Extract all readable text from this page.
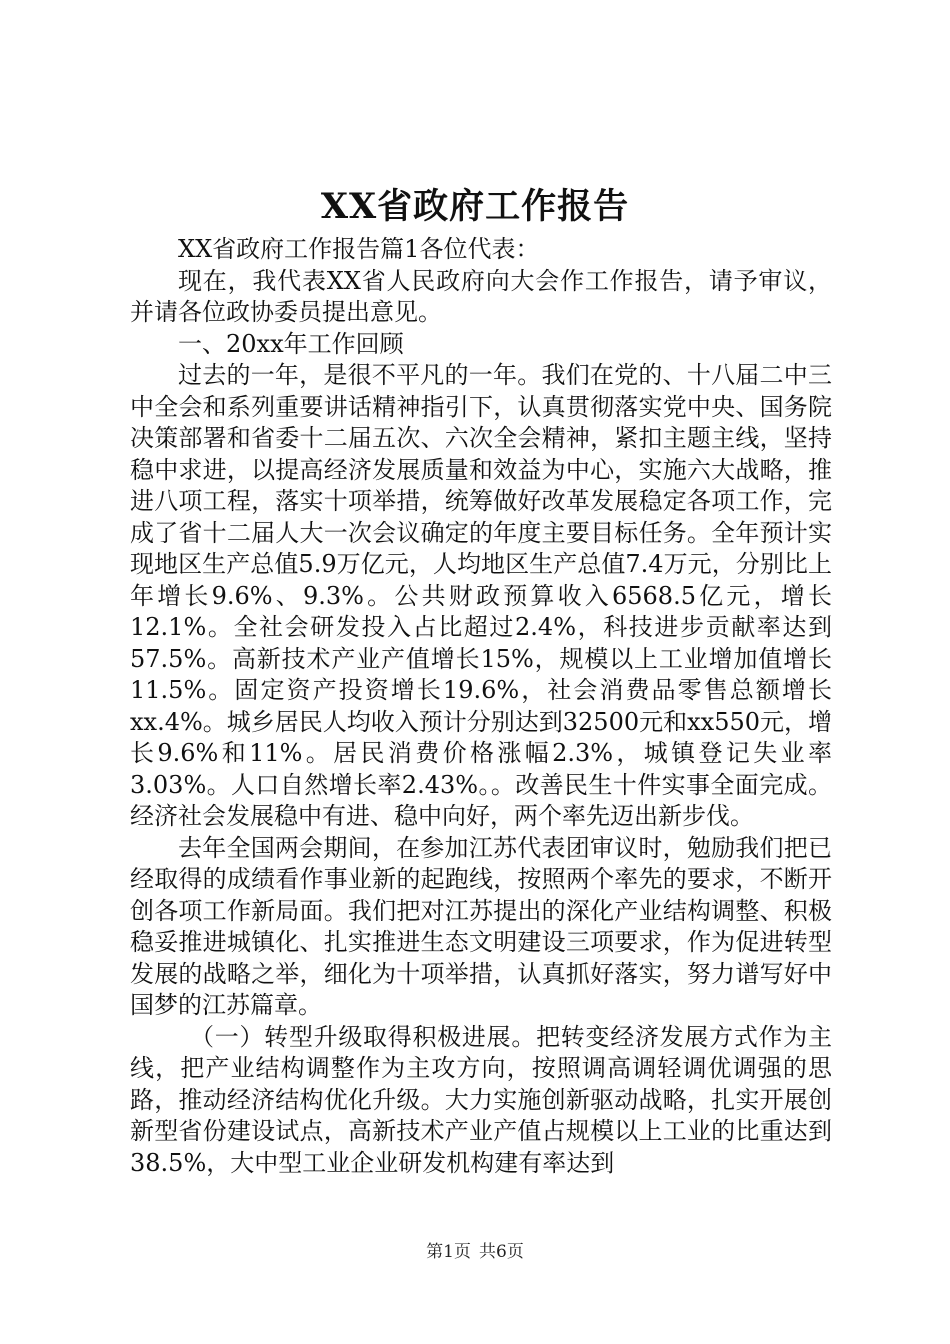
XX省政府工作报告

XX省政府工作报告篇1各位代表：

现在，我代表XX省人民政府向大会作工作报告，请予审议，并请各位政协委员提出意见。

一、20xx年工作回顾

过去的一年，是很不平凡的一年。我们在党的、十八届二中三中全会和系列重要讲话精神指引下，认真贯彻落实党中央、国务院决策部署和省委十二届五次、六次全会精神，紧扣主题主线，坚持稳中求进，以提高经济发展质量和效益为中心，实施六大战略，推进八项工程，落实十项举措，统筹做好改革发展稳定各项工作，完成了省十二届人大一次会议确定的年度主要目标任务。全年预计实现地区生产总值5.9万亿元，人均地区生产总值7.4万元，分别比上年增长9.6%、9.3%。公共财政预算收入6568.5亿元，增长12.1%。全社会研发投入占比超过2.4%，科技进步贡献率达到57.5%。高新技术产业产值增长15%，规模以上工业增加值增长11.5%。固定资产投资增长19.6%，社会消费品零售总额增长xx.4%。城乡居民人均收入预计分别达到32500元和xx550元，增长9.6%和11%。居民消费价格涨幅2.3%，城镇登记失业率3.03%。人口自然增长率2.43%。。改善民生十件实事全面完成。经济社会发展稳中有进、稳中向好，两个率先迈出新步伐。

去年全国两会期间，在参加江苏代表团审议时，勉励我们把已经取得的成绩看作事业新的起跑线，按照两个率先的要求，不断开创各项工作新局面。我们把对江苏提出的深化产业结构调整、积极稳妥推进城镇化、扎实推进生态文明建设三项要求，作为促进转型发展的战略之举，细化为十项举措，认真抓好落实，努力谱写好中国梦的江苏篇章。

（一）转型升级取得积极进展。把转变经济发展方式作为主线，把产业结构调整作为主攻方向，按照调高调轻调优调强的思路，推动经济结构优化升级。大力实施创新驱动战略，扎实开展创新型省份建设试点，高新技术产业产值占规模以上工业的比重达到38.5%，大中型工业企业研发机构建有率达到

第1页 共6页
